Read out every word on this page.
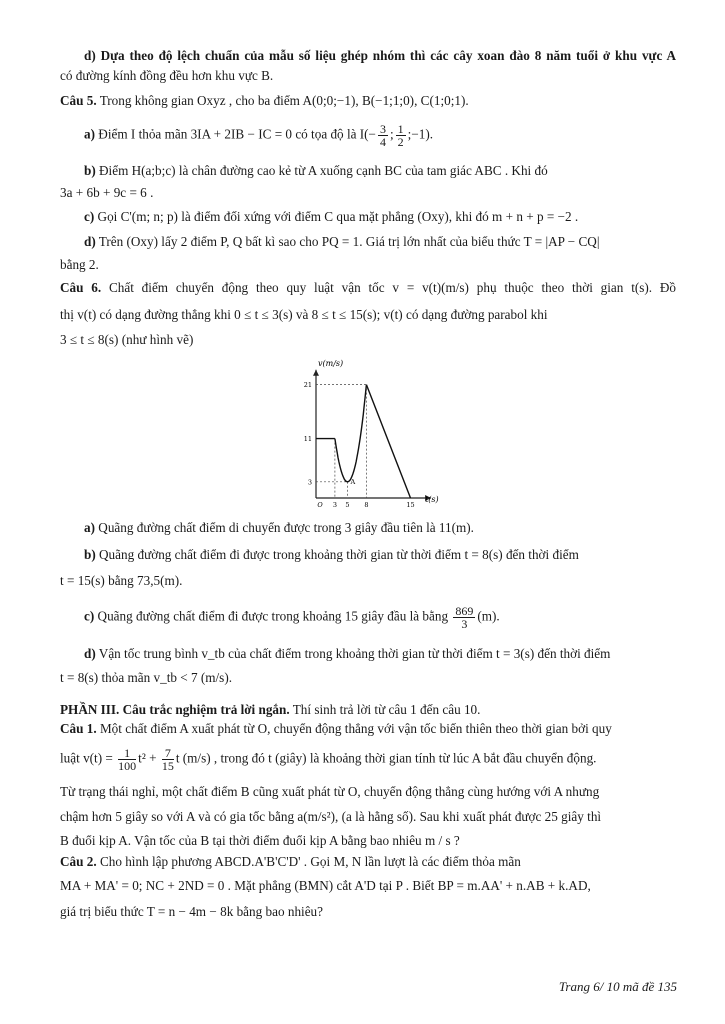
d) Dựa theo độ lệch chuẩn của mẫu số liệu ghép nhóm thì các cây xoan đào 8 năm tuổi ở khu vực A
có đường kính đồng đều hơn khu vực B.
Câu 5. Trong không gian Oxyz , cho ba điểm A(0;0;−1), B(−1;1;0), C(1;0;1).
a) Điểm I thỏa mãn 3IA + 2IB − IC = 0 có tọa độ là $I(- \frac{3}{4}$ ; $\frac{1}{2}$ ;−1).
b) Điểm H(a;b;c) là chân đường cao kẻ từ A xuống cạnh BC của tam giác ABC . Khi đó
3a + 6b + 9c = 6 .
c) Gọi C'(m; n; p) là điểm đối xứng với điểm C qua mặt phẳng (Oxy), khi đó m + n + p = −2 .
d) Trên (Oxy) lấy 2 điểm P, Q bất kì sao cho PQ = 1. Giá trị lớn nhất của biểu thức T = |AP − CQ|
bằng 2.
Câu 6. Chất điểm chuyển động theo quy luật vận tốc v = v(t)(m/s) phụ thuộc theo thời gian t(s). Đồ
thị v(t) có dạng đường thẳng khi 0 ≤ t ≤ 3(s) và 8 ≤ t ≤ 15(s); v(t) có dạng đường parabol khi
3 ≤ t ≤ 8(s) (như hình vẽ)
v(m/s)
t(s)
21
11
3
O 3 5 8	15
A
a) Quãng đường chất điểm di chuyển được trong 3 giây đầu tiên là 11(m).
b) Quãng đường chất điểm đi được trong khoảng thời gian từ thời điểm t = 8(s) đến thời điểm
t = 15(s) bằng 73,5(m).
c) Quãng đường chất điểm đi được trong khoảng 15 giây đầu là bằng $\frac{869}{3} (m)$.
d) Vận tốc trung bình v_tb của chất điểm trong khoảng thời gian từ thời điểm t = 3(s) đến thời điểm
t = 8(s) thỏa mãn v_tb < 7 (m/s).
PHẦN III. Câu trắc nghiệm trả lời ngắn. Thí sinh trả lời từ câu 1 đến câu 10.
Câu 1. Một chất điểm A xuất phát từ O, chuyển động thẳng với vận tốc biến thiên theo thời gian bởi quy
luật $v(t) = \frac{1}{100} t^2 + \frac{7}{15}$ t (m/s) , trong đó t (giây) là khoảng thời gian tính từ lúc A bắt đầu chuyển động.
Từ trạng thái nghỉ, một chất điểm B cũng xuất phát từ O, chuyển động thẳng cùng hướng với A nhưng
chậm hơn 5 giây so với A và có gia tốc bằng a(m/s²), (a là hằng số). Sau khi xuất phát được 25 giây thì
B đuổi kịp A. Vận tốc của B tại thời điểm đuổi kịp A bằng bao nhiêu m / s ?
Câu 2. Cho hình lập phương ABCD.A'B'C'D' . Gọi M, N lần lượt là các điểm thỏa mãn
MA + MA' = 0; NC + 2ND = 0 . Mặt phẳng (BMN) cắt A'D tại P . Biết BP = m.AA' + n.AB + k.AD,
giá trị biểu thức T = n − 4m − 8k bằng bao nhiêu?
Trang 6/ 10 mã đề 135
